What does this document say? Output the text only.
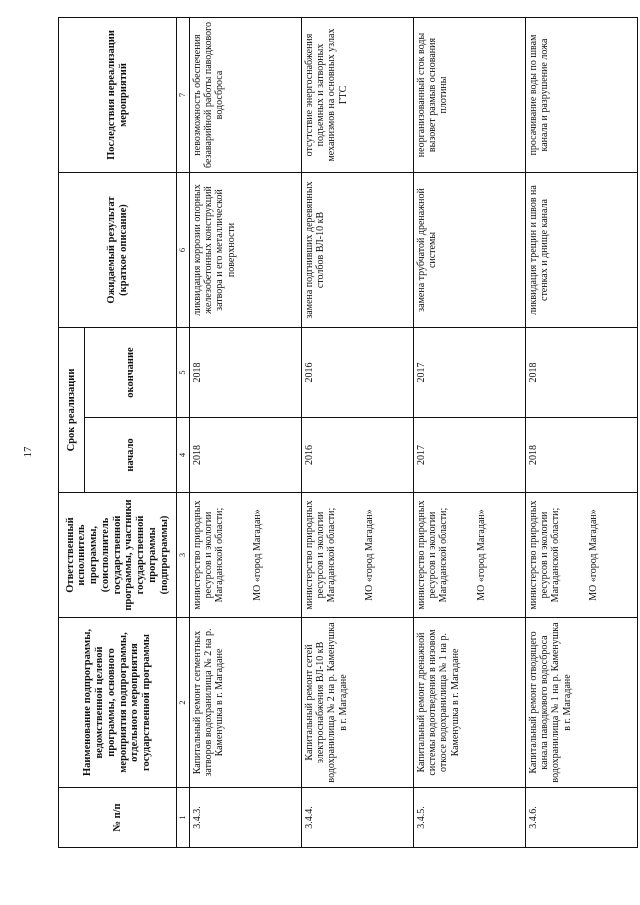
17
№ п/п	Наименование подпрограммы, ведомственной целевой программы, основного мероприятия подпрограммы, отдельного мероприятия государственной программы	Ответственный исполнитель программы, (соисполнитель государственной программы, участники государственной программы (подпрограммы)	Срок реализации		Ожидаемый результат (краткое описание)	Последствия нереализации мероприятий
			начало	окончание		
1	2	3	4	5	6	7
3.4.3.	Капитальный ремонт сегментных затворов водохранилища № 2 на р. Каменушка в г. Магадане	министерство природных ресурсов и экологии Магаданской области; МО «город Магадан»	2018	2018	ликвидация коррозии опорных железобетонных конструкций затвора и его металлической поверхности	невозможность обеспечения безаварийной работы паводкового водосброса
3.4.4.	Капитальный ремонт сетей электроснабжения ВЛ-10 кВ водохранилища № 2 на р. Каменушка в г. Магадане	министерство природных ресурсов и экологии Магаданской области; МО «город Магадан»	2016	2016	замена подгнивших деревянных столбов ВЛ-10 кВ	отсутствие энергоснабжения подъемных и затворных механизмов на основных узлах ГТС
3.4.5.	Капитальный ремонт дренажной системы водоотведения в низовом откосе водохранилища № 1 на р. Каменушка в г. Магадане	министерство природных ресурсов и экологии Магаданской области; МО «город Магадан»	2017	2017	замена трубчатой дренажной системы	неорганизованный сток воды вызовет размыв основания плотины
3.4.6.	Капитальный ремонт отводящего канала паводкового водосброса водохранилища № 1 на р. Каменушка в г. Магадане	министерство природных ресурсов и экологии Магаданской области; МО «город Магадан»	2018	2018	ликвидация трещин и швов на стенках и днище канала	просачивание воды по швам канала и разрушение ложа
